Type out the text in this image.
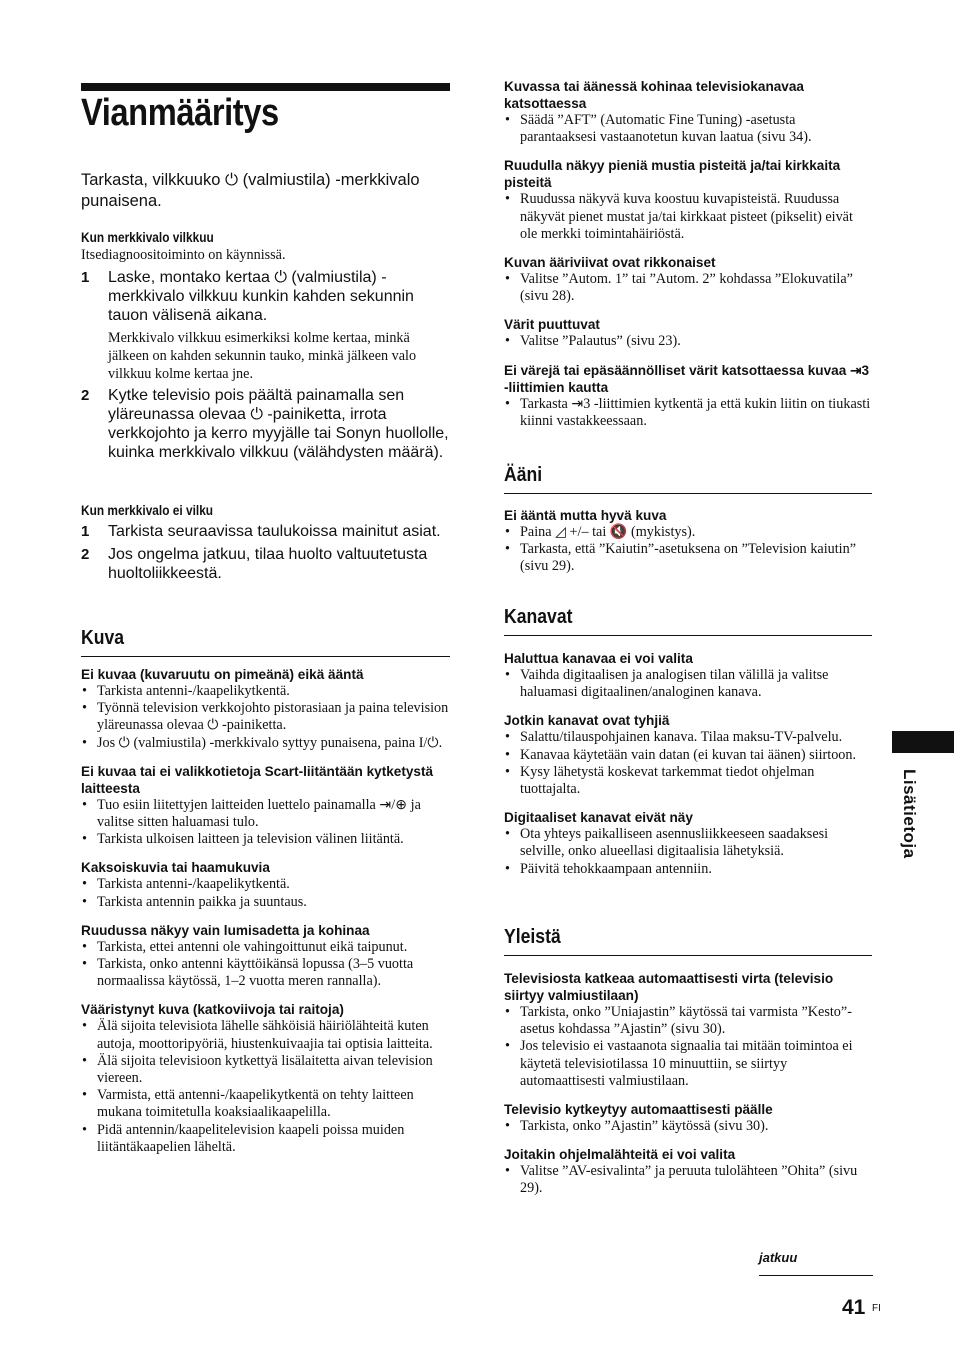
Vianmääritys
Tarkasta, vilkkuuko ⏻ (valmiustila) -merkkivalo punaisena.
Kun merkkivalo vilkkuu
Itsediagnoositoiminto on käynnissä.
1 Laske, montako kertaa ⏻ (valmiustila) -merkkivalo vilkkuu kunkin kahden sekunnin tauon välisenä aikana.
Merkkivalo vilkkuu esimerkiksi kolme kertaa, minkä jälkeen on kahden sekunnin tauko, minkä jälkeen valo vilkkuu kolme kertaa jne.
2 Kytke televisio pois päältä painamalla sen yläreunassa olevaa ⏻ -painiketta, irrota verkkojohto ja kerro myyjälle tai Sonyn huollolle, kuinka merkkivalo vilkkuu (välähdysten määrä).
Kun merkkivalo ei vilku
1 Tarkista seuraavissa taulukoissa mainitut asiat.
2 Jos ongelma jatkuu, tilaa huolto valtuutetusta huoltoliikkeestä.
Kuva
Ei kuvaa (kuvaruutu on pimeänä) eikä ääntä
• Tarkista antenni-/kaapelikytkentä.
• Työnnä television verkkojohto pistorasiaan ja paina television yläreunassa olevaa ⏻ -painiketta.
• Jos ⏻ (valmiustila) -merkkivalo syttyy punaisena, paina I/⏻.
Ei kuvaa tai ei valikkotietoja Scart-liitäntään kytketystä laitteesta
• Tuo esiin liitettyjen laitteiden luettelo painamalla ⇥/⊕ ja valitse sitten haluamasi tulo.
• Tarkista ulkoisen laitteen ja television välinen liitäntä.
Kaksoiskuvia tai haamukuvia
• Tarkista antenni-/kaapelikytkentä.
• Tarkista antennin paikka ja suuntaus.
Ruudussa näkyy vain lumisadetta ja kohinaa
• Tarkista, ettei antenni ole vahingoittunut eikä taipunut.
• Tarkista, onko antenni käyttöikänsä lopussa (3–5 vuotta normaalissa käytössä, 1–2 vuotta meren rannalla).
Vääristynyt kuva (katkoviivoja tai raitoja)
• Älä sijoita televisiota lähelle sähköisiä häiriölähteitä kuten autoja, moottoripyöriä, hiustenkuivaajia tai optisia laitteita.
• Älä sijoita televisioon kytkettyä lisälaitetta aivan television viereen.
• Varmista, että antenni-/kaapelikytkentä on tehty laitteen mukana toimitetulla koaksiaalikaapelilla.
• Pidä antennin/kaapelitelevision kaapeli poissa muiden liitäntäkaapelien läheltä.
Kuvassa tai äänessä kohinaa televisiokanavaa katsottaessa
• Säädä ”AFT” (Automatic Fine Tuning) -asetusta parantaaksesi vastaanotetun kuvan laatua (sivu 34).
Ruudulla näkyy pieniä mustia pisteitä ja/tai kirkkaita pisteitä
• Ruudussa näkyvä kuva koostuu kuvapisteistä. Ruudussa näkyvät pienet mustat ja/tai kirkkaat pisteet (pikselit) eivät ole merkki toimintahäiriöstä.
Kuvan ääriviivat ovat rikkonaiset
• Valitse ”Autom. 1” tai ”Autom. 2” kohdassa ”Elokuvatila” (sivu 28).
Värit puuttuvat
• Valitse ”Palautus” (sivu 23).
Ei värejä tai epäsäännölliset värit katsottaessa kuvaa ⇥3 -liittimien kautta
• Tarkasta ⇥3 -liittimien kytkentä ja että kukin liitin on tiukasti kiinni vastakkeessaan.
Ääni
Ei ääntä mutta hyvä kuva
• Paina ◿ +/– tai 🔇 (mykistys).
• Tarkasta, että ”Kaiutin”-asetuksena on ”Television kaiutin” (sivu 29).
Kanavat
Haluttua kanavaa ei voi valita
• Vaihda digitaalisen ja analogisen tilan välillä ja valitse haluamasi digitaalinen/analoginen kanava.
Jotkin kanavat ovat tyhjiä
• Salattu/tilauspohjainen kanava. Tilaa maksu-TV-palvelu.
• Kanavaa käytetään vain datan (ei kuvan tai äänen) siirtoon.
• Kysy lähetystä koskevat tarkemmat tiedot ohjelman tuottajalta.
Digitaaliset kanavat eivät näy
• Ota yhteys paikalliseen asennusliikkeeseen saadaksesi selville, onko alueellasi digitaalisia lähetyksiä.
• Päivitä tehokkaampaan antenniin.
Yleistä
Televisiosta katkeaa automaattisesti virta (televisio siirtyy valmiustilaan)
• Tarkista, onko ”Uniajastin” käytössä tai varmista ”Kesto”-asetus kohdassa ”Ajastin” (sivu 30).
• Jos televisio ei vastaanota signaalia tai mitään toimintoa ei käytetä televisiotilassa 10 minuuttiin, se siirtyy automaattisesti valmiustilaan.
Televisio kytkeytyy automaattisesti päälle
• Tarkista, onko ”Ajastin” käytössä (sivu 30).
Joitakin ohjelmalähteitä ei voi valita
• Valitse ”AV-esivalinta” ja peruuta tulolähteen ”Ohita” (sivu 29).
Lisätietoja
jatkuu
41 FI
